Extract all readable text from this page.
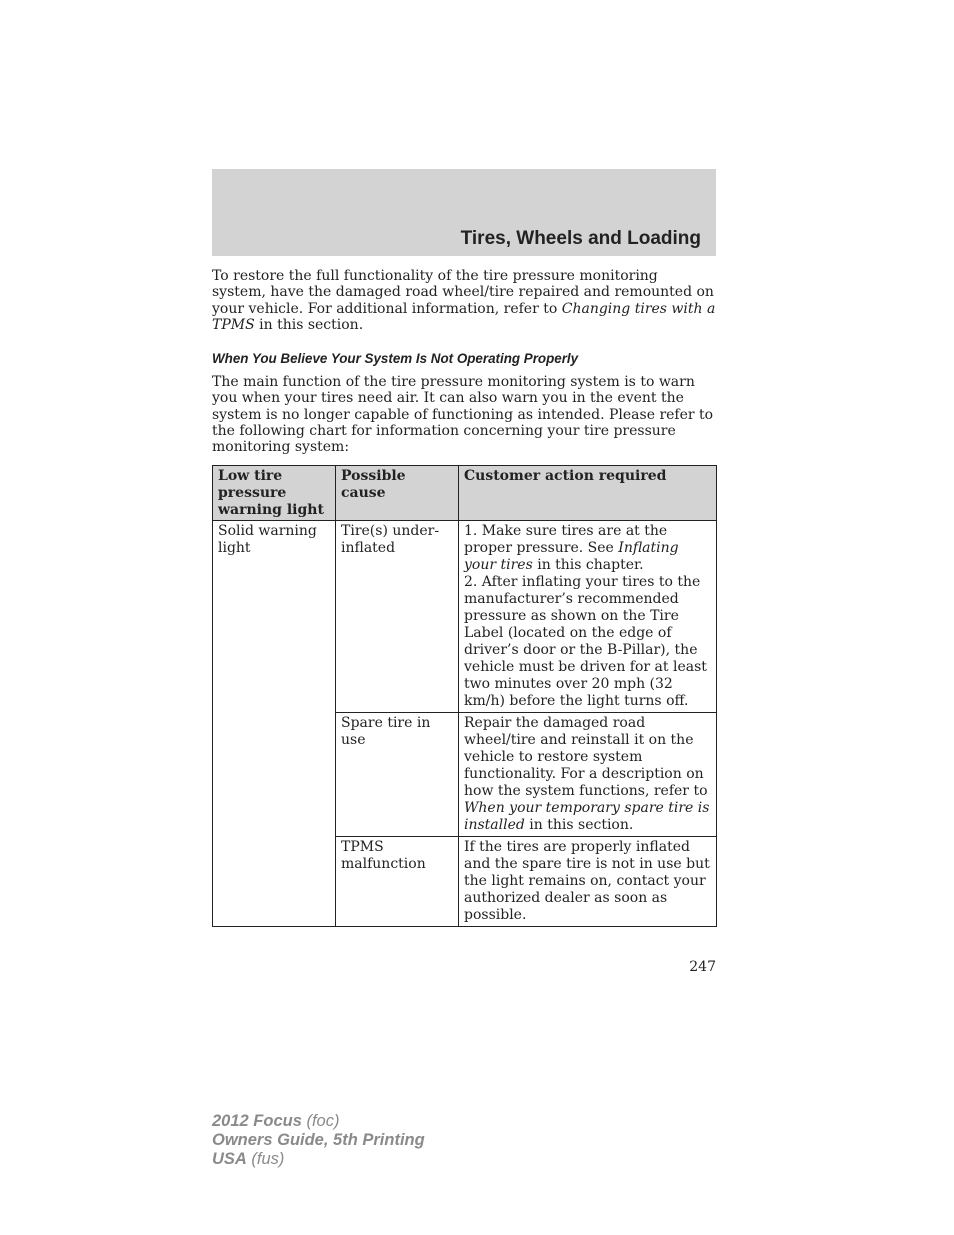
Tires, Wheels and Loading

To restore the full functionality of the tire pressure monitoring system, have the damaged road wheel/tire repaired and remounted on your vehicle. For additional information, refer to Changing tires with a TPMS in this section.

When You Believe Your System Is Not Operating Properly

The main function of the tire pressure monitoring system is to warn you when your tires need air. It can also warn you in the event the system is no longer capable of functioning as intended. Please refer to the following chart for information concerning your tire pressure monitoring system:

Low tire pressure warning light	Possible cause	Customer action required
Solid warning light	Tire(s) under-inflated	1. Make sure tires are at the proper pressure. See Inflating your tires in this chapter.
2. After inflating your tires to the manufacturer’s recommended pressure as shown on the Tire Label (located on the edge of driver’s door or the B-Pillar), the vehicle must be driven for at least two minutes over 20 mph (32 km/h) before the light turns off.
	Spare tire in use	Repair the damaged road wheel/tire and reinstall it on the vehicle to restore system functionality. For a description on how the system functions, refer to When your temporary spare tire is installed in this section.
	TPMS malfunction	If the tires are properly inflated and the spare tire is not in use but the light remains on, contact your authorized dealer as soon as possible.
247
2012 Focus (foc)
Owners Guide, 5th Printing
USA (fus)
